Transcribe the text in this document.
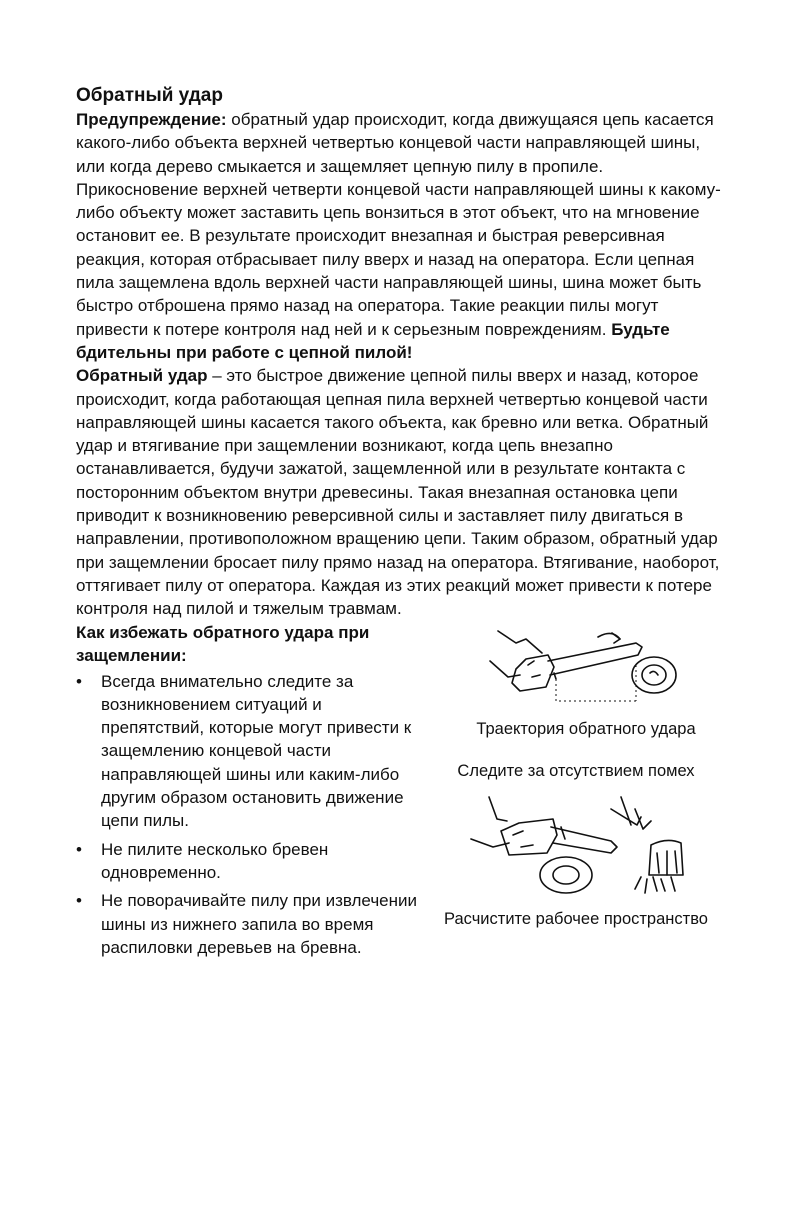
Обратный удар

Предупреждение: обратный удар происходит, когда движущаяся цепь касается какого-либо объекта верхней четвертью концевой части направляющей шины, или когда дерево смыкается и защемляет цепную пилу в пропиле. Прикосновение верхней четверти концевой части направляющей шины к какому-либо объекту может заставить цепь вонзиться в этот объект, что на мгновение остановит ее. В результате происходит внезапная и быстрая реверсивная реакция, которая отбрасывает пилу вверх и назад на оператора. Если цепная пила защемлена вдоль верхней части направляющей шины, шина может быть быстро отброшена прямо назад на оператора. Такие реакции пилы могут привести к потере контроля над ней и к серьезным повреждениям. Будьте бдительны при работе с цепной пилой!

Обратный удар – это быстрое движение цепной пилы вверх и назад, которое происходит, когда работающая цепная пила верхней четвертью концевой части направляющей шины касается такого объекта, как бревно или ветка. Обратный удар и втягивание при защемлении возникают, когда цепь внезапно останавливается, будучи зажатой, защемленной или в результате контакта с посторонним объектом внутри древесины. Такая внезапная остановка цепи приводит к возникновению реверсивной силы и заставляет пилу двигаться в направлении, противоположном вращению цепи. Таким образом, обратный удар при защемлении бросает пилу прямо назад на оператора. Втягивание, наоборот, оттягивает пилу от оператора. Каждая из этих реакций может привести к потере контроля над пилой и тяжелым травмам.

Как избежать обратного удара при защемлении:
• Всегда внимательно следите за возникновением ситуаций и препятствий, которые могут привести к защемлению концевой части направляющей шины или каким-либо другим образом остановить движение цепи пилы.
• Не пилите несколько бревен одновременно.
• Не поворачивайте пилу при извлечении шины из нижнего запила во время распиловки деревьев на бревна.
Траектория обратного удара
Следите за отсутствием помех
Расчистите рабочее пространство
